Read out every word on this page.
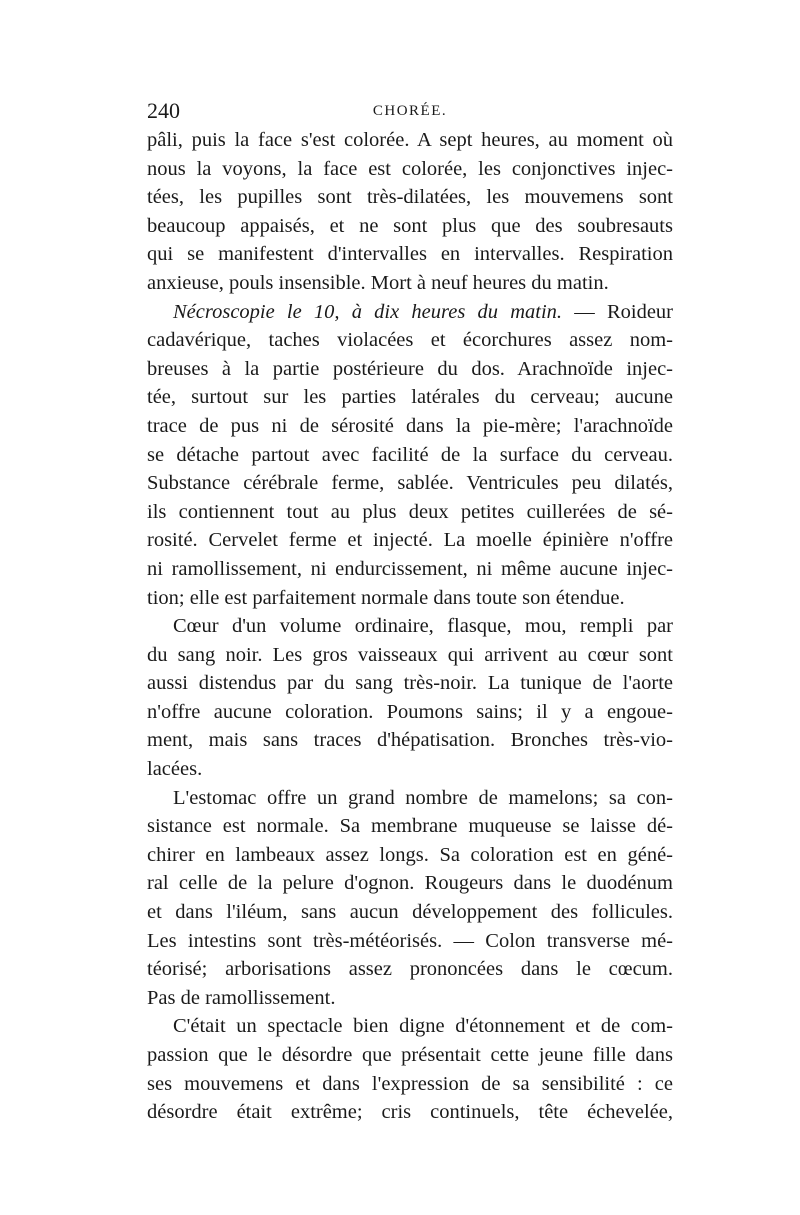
240	CHORÉE.
pâli, puis la face s'est colorée. A sept heures, au moment où
nous la voyons, la face est colorée, les conjonctives injec-
tées, les pupilles sont très-dilatées, les mouvemens sont
beaucoup appaisés, et ne sont plus que des soubresauts
qui se manifestent d'intervalles en intervalles. Respiration
anxieuse, pouls insensible. Mort à neuf heures du matin.
Nécroscopie le 10, à dix heures du matin. — Roideur
cadavérique, taches violacées et écorchures assez nom-
breuses à la partie postérieure du dos. Arachnoïde injec-
tée, surtout sur les parties latérales du cerveau; aucune
trace de pus ni de sérosité dans la pie-mère; l'arachnoïde
se détache partout avec facilité de la surface du cerveau.
Substance cérébrale ferme, sablée. Ventricules peu dilatés,
ils contiennent tout au plus deux petites cuillerées de sé-
rosité. Cervelet ferme et injecté. La moelle épinière n'offre
ni ramollissement, ni endurcissement, ni même aucune injec-
tion; elle est parfaitement normale dans toute son étendue.
Cœur d'un volume ordinaire, flasque, mou, rempli par
du sang noir. Les gros vaisseaux qui arrivent au cœur sont
aussi distendus par du sang très-noir. La tunique de l'aorte
n'offre aucune coloration. Poumons sains; il y a engoue-
ment, mais sans traces d'hépatisation. Bronches très-vio-
lacées.
L'estomac offre un grand nombre de mamelons; sa con-
sistance est normale. Sa membrane muqueuse se laisse dé-
chirer en lambeaux assez longs. Sa coloration est en géné-
ral celle de la pelure d'ognon. Rougeurs dans le duodénum
et dans l'iléum, sans aucun développement des follicules.
Les intestins sont très-météorisés. — Colon transverse mé-
téorisé; arborisations assez prononcées dans le cœcum.
Pas de ramollissement.
C'était un spectacle bien digne d'étonnement et de com-
passion que le désordre que présentait cette jeune fille dans
ses mouvemens et dans l'expression de sa sensibilité : ce
désordre était extrême; cris continuels, tête échevelée,
